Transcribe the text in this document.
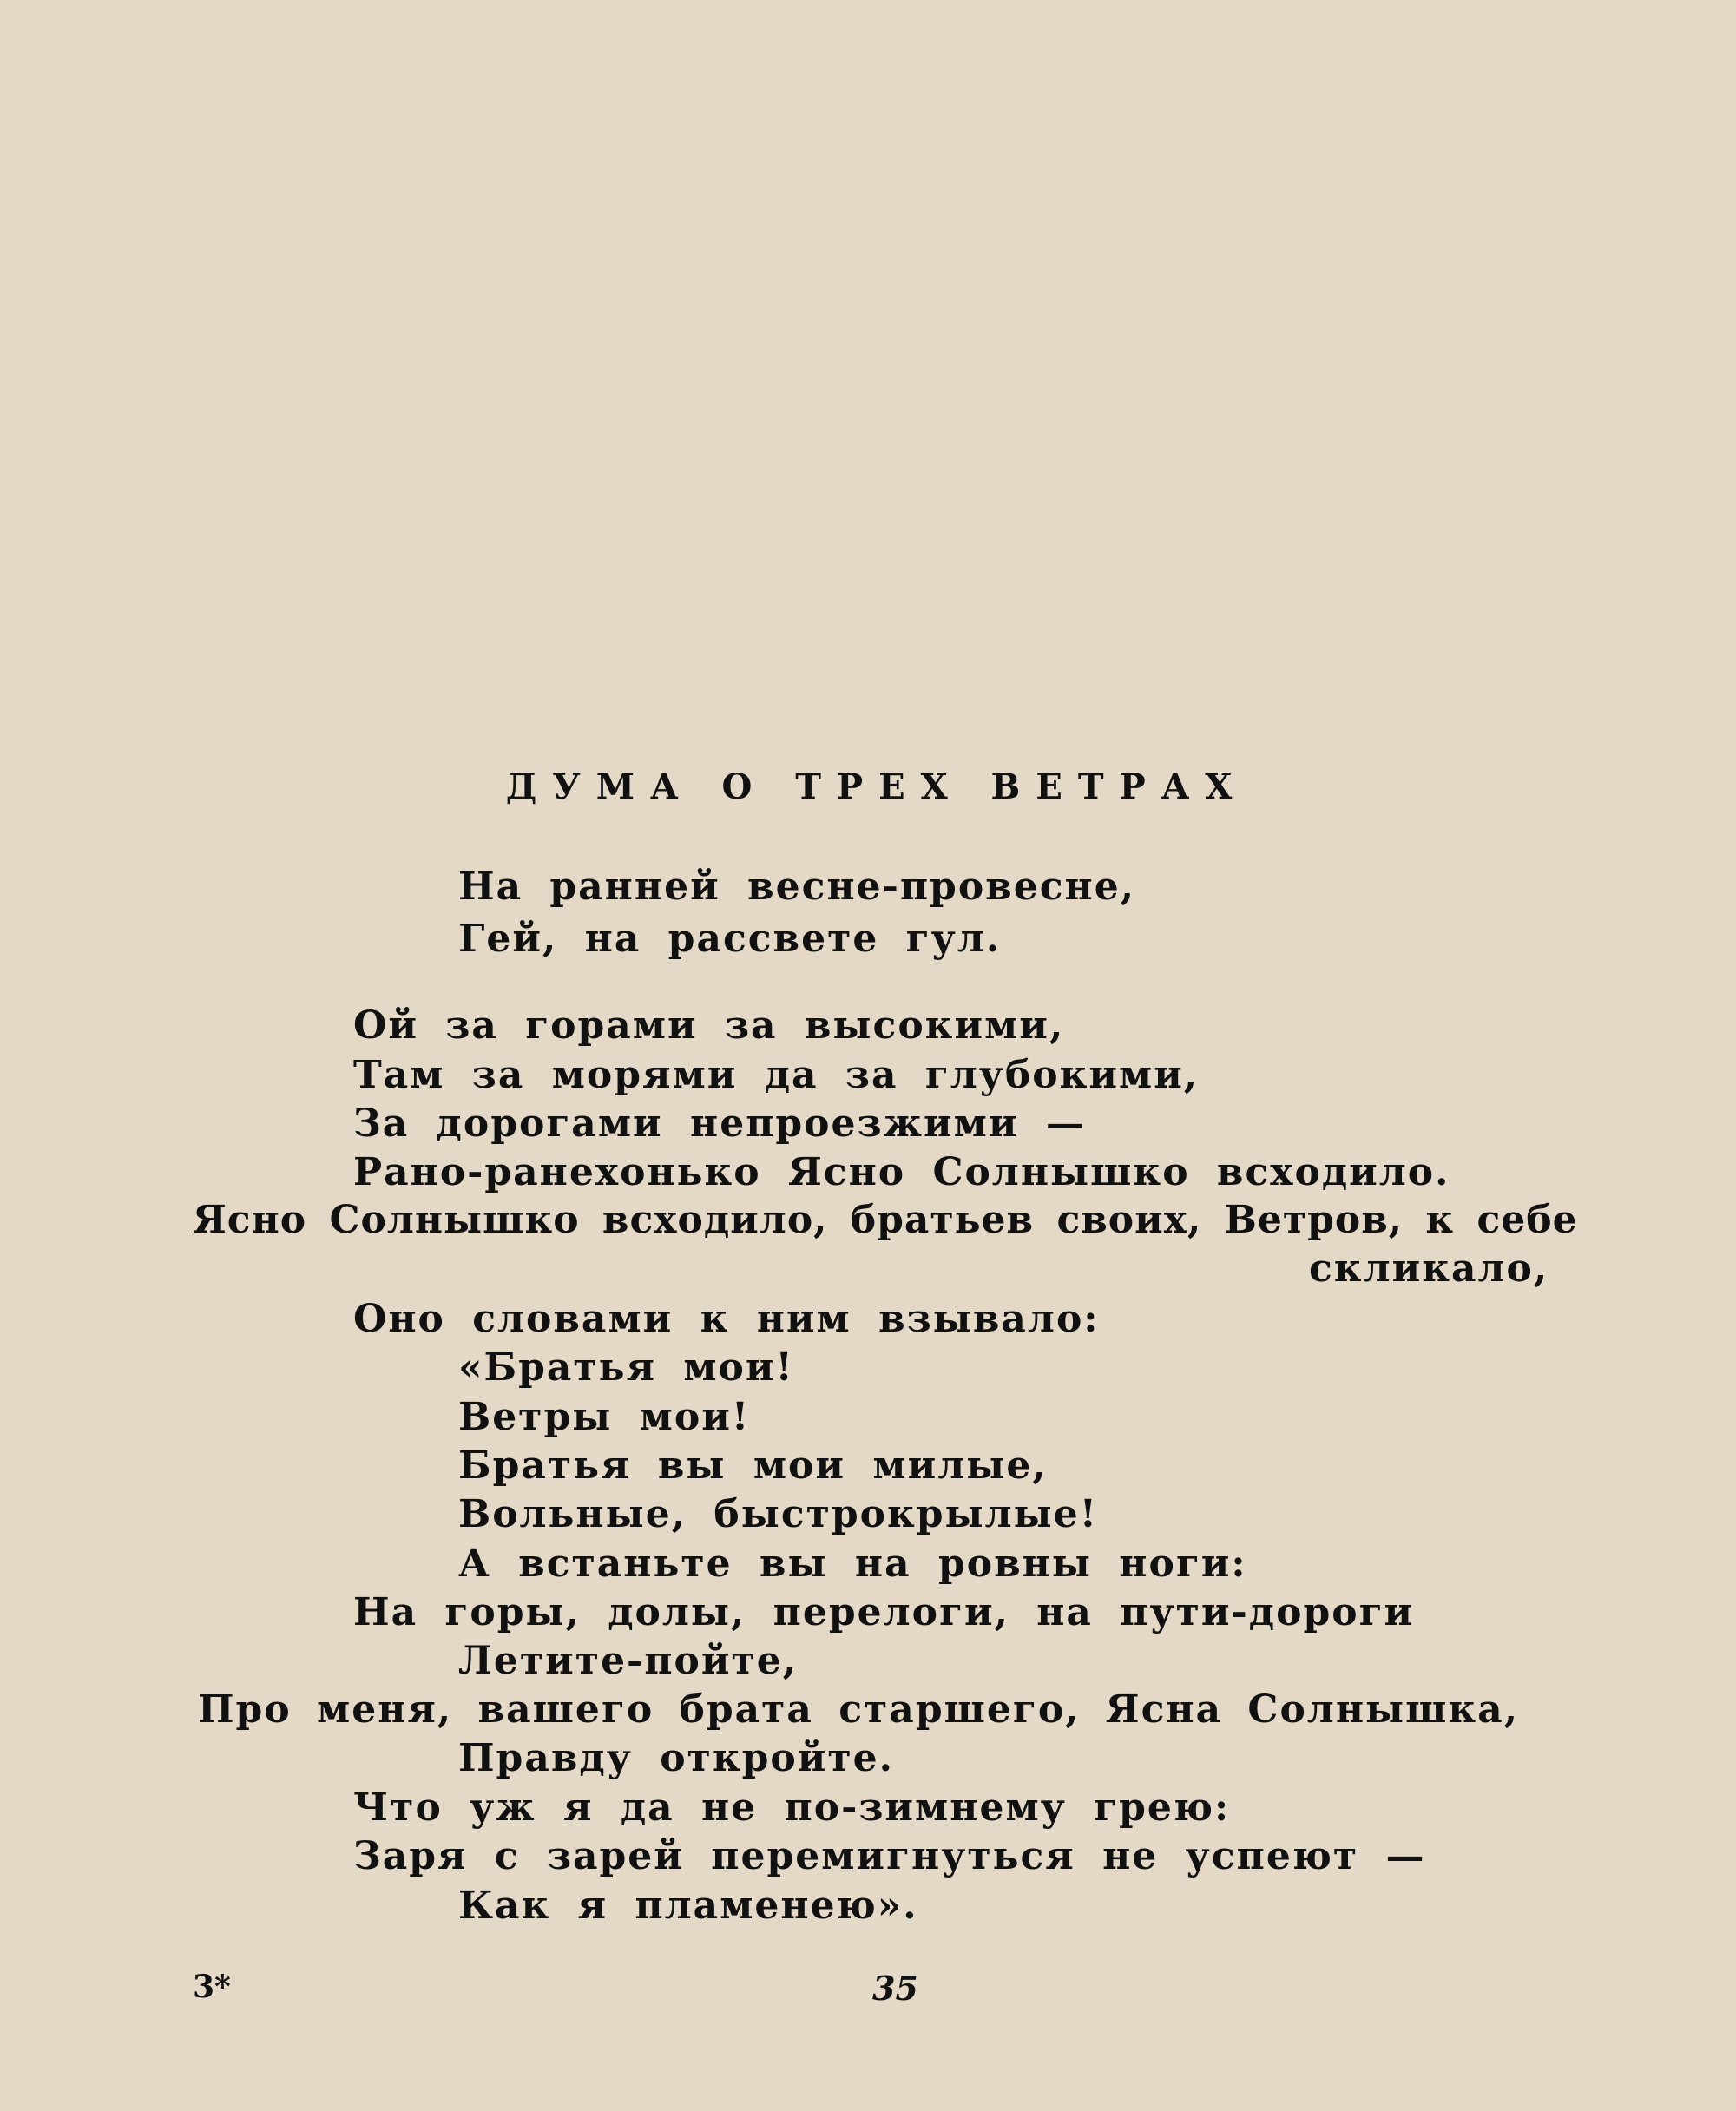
ДУМА О ТРЕХ ВЕТРАХ
На ранней весне-провесне,
Гей, на рассвете гул.
Ой за горами за высокими,
Там за морями да за глубокими,
За дорогами непроезжими —
Рано-ранехонько Ясно Солнышко всходило.
Ясно Солнышко всходило, братьев своих, Ветров, к себе
скликало,
Оно словами к ним взывало:
«Братья мои!
Ветры мои!
Братья вы мои милые,
Вольные, быстрокрылые!
А встаньте вы на ровны ноги:
На горы, долы, перелоги, на пути-дороги
Летите-пойте,
Про меня, вашего брата старшего, Ясна Солнышка,
Правду откройте.
Что уж я да не по-зимнему грею:
Заря с зарей перемигнуться не успеют —
Как я пламенею».
3*	35
